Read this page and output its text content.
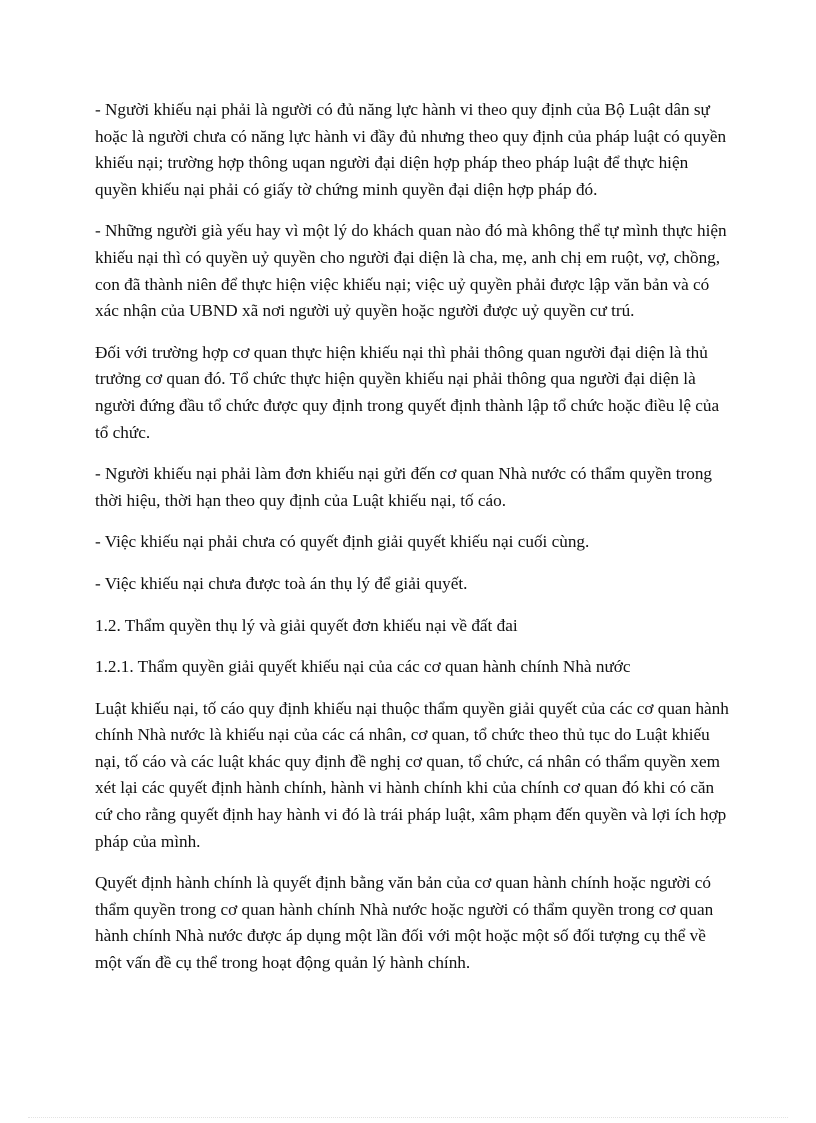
- Người khiếu nại phải là người có đủ năng lực hành vi theo quy định của Bộ Luật dân sự hoặc là người chưa có năng lực hành vi đầy đủ nhưng theo quy định của pháp luật có quyền khiếu nại; trường hợp thông uqan người đại diện hợp pháp theo pháp luật để thực hiện quyền khiếu nại phải có giấy tờ chứng minh quyền đại diện hợp pháp đó.

- Những người già yếu hay vì một lý do khách quan nào đó mà không thể tự mình thực hiện khiếu nại thì có quyền uỷ quyền cho người đại diện là cha, mẹ, anh chị em ruột, vợ, chồng, con đã thành niên để thực hiện việc khiếu nại; việc uỷ quyền phải được lập văn bản và có xác nhận của UBND xã nơi người uỷ quyền hoặc người được uỷ quyền cư trú.

Đối với trường hợp cơ quan thực hiện khiếu nại thì phải thông quan người đại diện là thủ trưởng cơ quan đó. Tổ chức thực hiện quyền khiếu nại phải thông qua người đại diện là người đứng đầu tổ chức được quy định trong quyết định thành lập tổ chức hoặc điều lệ của tổ chức.

- Người khiếu nại phải làm đơn khiếu nại gửi đến cơ quan Nhà nước có thẩm quyền trong thời hiệu, thời hạn theo quy định của Luật khiếu nại, tố cáo.

- Việc khiếu nại phải chưa có quyết định giải quyết khiếu nại cuối cùng.

- Việc khiếu nại chưa được toà án thụ lý để giải quyết.

1.2. Thẩm quyền thụ lý và giải quyết đơn khiếu nại về đất đai

1.2.1. Thẩm quyền giải quyết khiếu nại của các cơ quan hành chính Nhà nước

Luật khiếu nại, tố cáo quy định khiếu nại thuộc thẩm quyền giải quyết của các cơ quan hành chính Nhà nước là khiếu nại của các cá nhân, cơ quan, tổ chức theo thủ tục do Luật khiếu nại, tố cáo và các luật khác quy định đề nghị cơ quan, tổ chức, cá nhân có thẩm quyền xem xét lại các quyết định hành chính, hành vi hành chính khi của chính cơ quan đó khi có căn cứ cho rằng quyết định hay hành vi đó là trái pháp luật, xâm phạm đến quyền và lợi ích hợp pháp của mình.

Quyết định hành chính là quyết định bằng văn bản của cơ quan hành chính hoặc người có thẩm quyền trong cơ quan hành chính Nhà nước hoặc người có thẩm quyền trong cơ quan hành chính Nhà nước được áp dụng một lần đối với một hoặc một số đối tượng cụ thể về một vấn đề cụ thể trong hoạt động quản lý hành chính.
